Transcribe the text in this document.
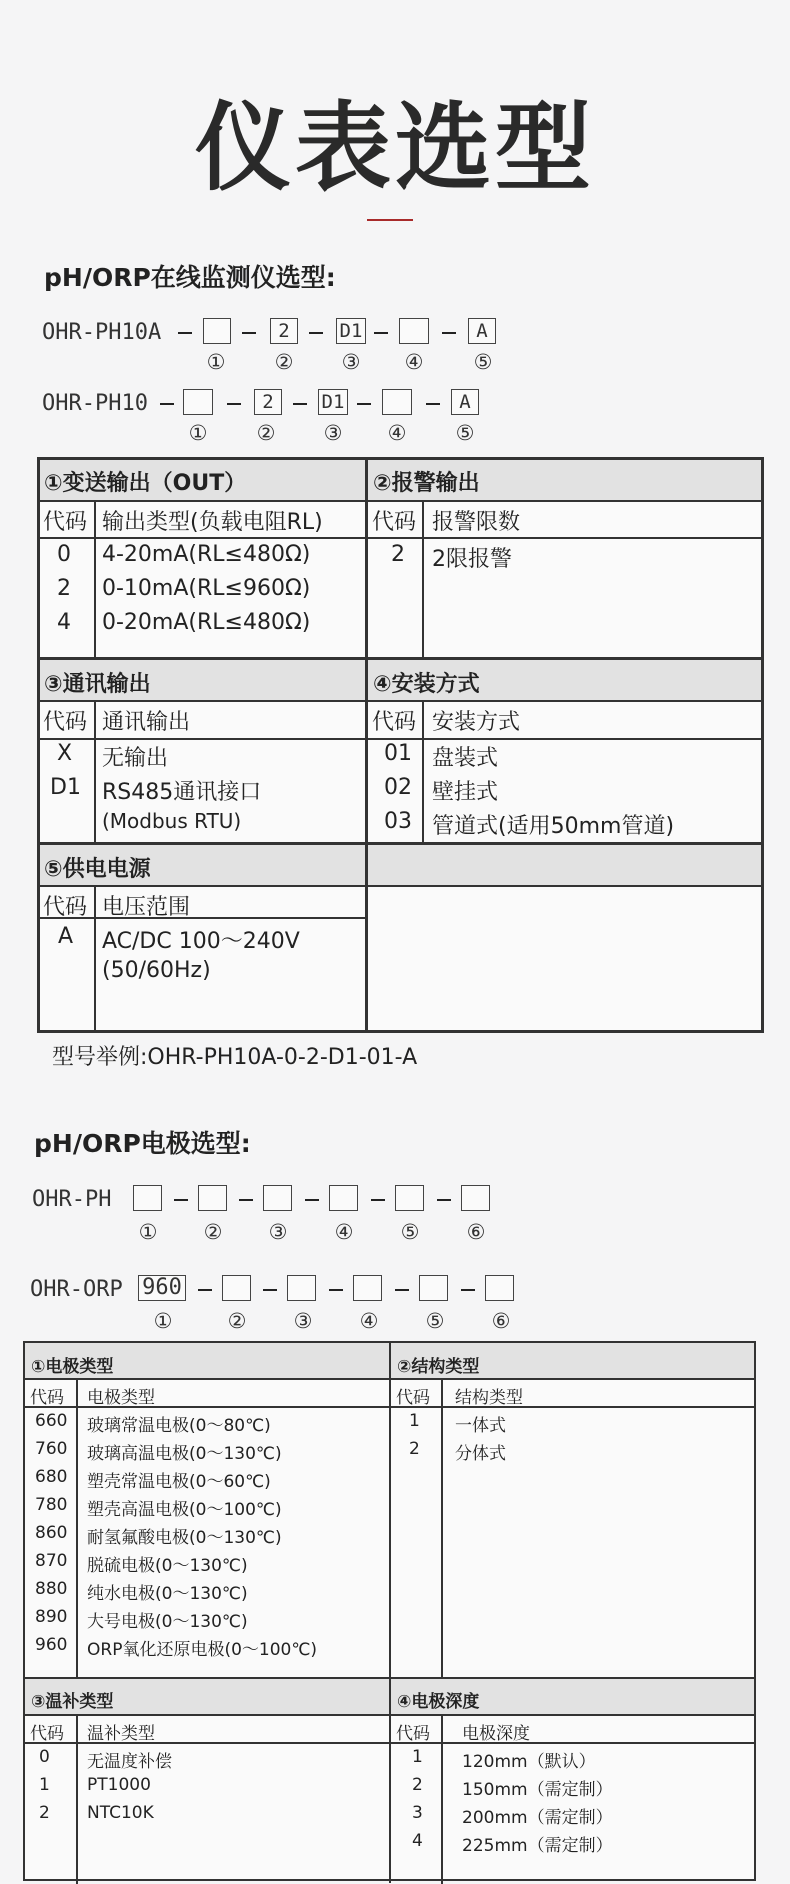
仪表选型
pH/ORP在线监测仪选型:
OHR-PH10A	2	D1	A
① ② ③ ④ ⑤
OHR-PH10	2	D1	A
① ② ③ ④ ⑤
①变送输出（OUT）
代码 输出类型(负载电阻RL)
0 4-20mA(RL≤480Ω)
2 0-10mA(RL≤960Ω)
4 0-20mA(RL≤480Ω)
②报警输出
代码 报警限数
2 2限报警
③通讯输出
代码 通讯输出
X 无输出
D1 RS485通讯接口
(Modbus RTU)
④安装方式
代码 安装方式
01 盘装式
02 壁挂式
03 管道式(适用50mm管道)
⑤供电电源
代码 电压范围
A AC/DC 100～240V
(50/60Hz)
型号举例:OHR-PH10A-0-2-D1-01-A
pH/ORP电极选型:
OHR-PH
① ② ③ ④ ⑤ ⑥
OHR-ORP 960
①	② ③ ④ ⑤ ⑥
①电极类型
代码 电极类型
660 玻璃常温电极(0～80℃)
760 玻璃高温电极(0～130℃)
680 塑壳常温电极(0～60℃)
780 塑壳高温电极(0～100℃)
860 耐氢氟酸电极(0～130℃)
870 脱硫电极(0～130℃)
880 纯水电极(0～130℃)
890 大号电极(0～130℃)
960 ORP氧化还原电极(0～100℃)
②结构类型
代码 结构类型
1 一体式
2 分体式
③温补类型
代码 温补类型
0 无温度补偿
1 PT1000
2 NTC10K
④电极深度
代码 电极深度
1 120mm（默认）
2 150mm（需定制）
3 200mm（需定制）
4 225mm（需定制）
